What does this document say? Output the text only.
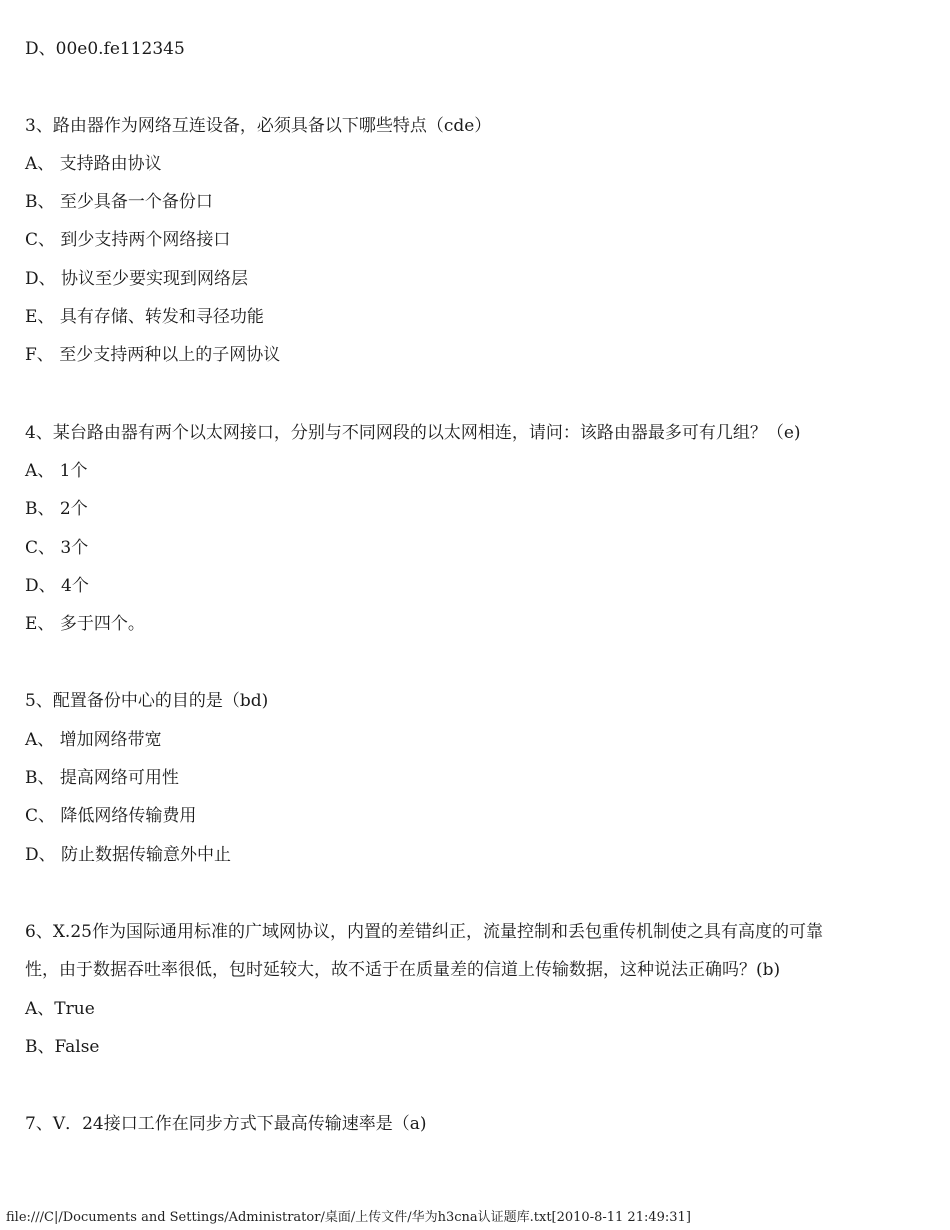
D、00e0.fe112345
3、路由器作为网络互连设备，必须具备以下哪些特点（cde）
A、 支持路由协议
B、 至少具备一个备份口
C、 到少支持两个网络接口
D、 协议至少要实现到网络层
E、 具有存储、转发和寻径功能
F、 至少支持两种以上的子网协议
4、某台路由器有两个以太网接口，分别与不同网段的以太网相连，请问：该路由器最多可有几组？（e)
A、 1个
B、 2个
C、 3个
D、 4个
E、 多于四个。
5、配置备份中心的目的是（bd)
A、 增加网络带宽
B、 提高网络可用性
C、 降低网络传输费用
D、 防止数据传输意外中止
6、X.25作为国际通用标准的广域网协议，内置的差错纠正，流量控制和丢包重传机制使之具有高度的可靠
性，由于数据吞吐率很低，包时延较大，故不适于在质量差的信道上传输数据，这种说法正确吗？(b)
A、True
B、False
7、V．24接口工作在同步方式下最高传输速率是（a)
file:///C|/Documents and Settings/Administrator/桌面/上传文件/华为h3cna认证题库.txt[2010-8-11 21:49:31]
